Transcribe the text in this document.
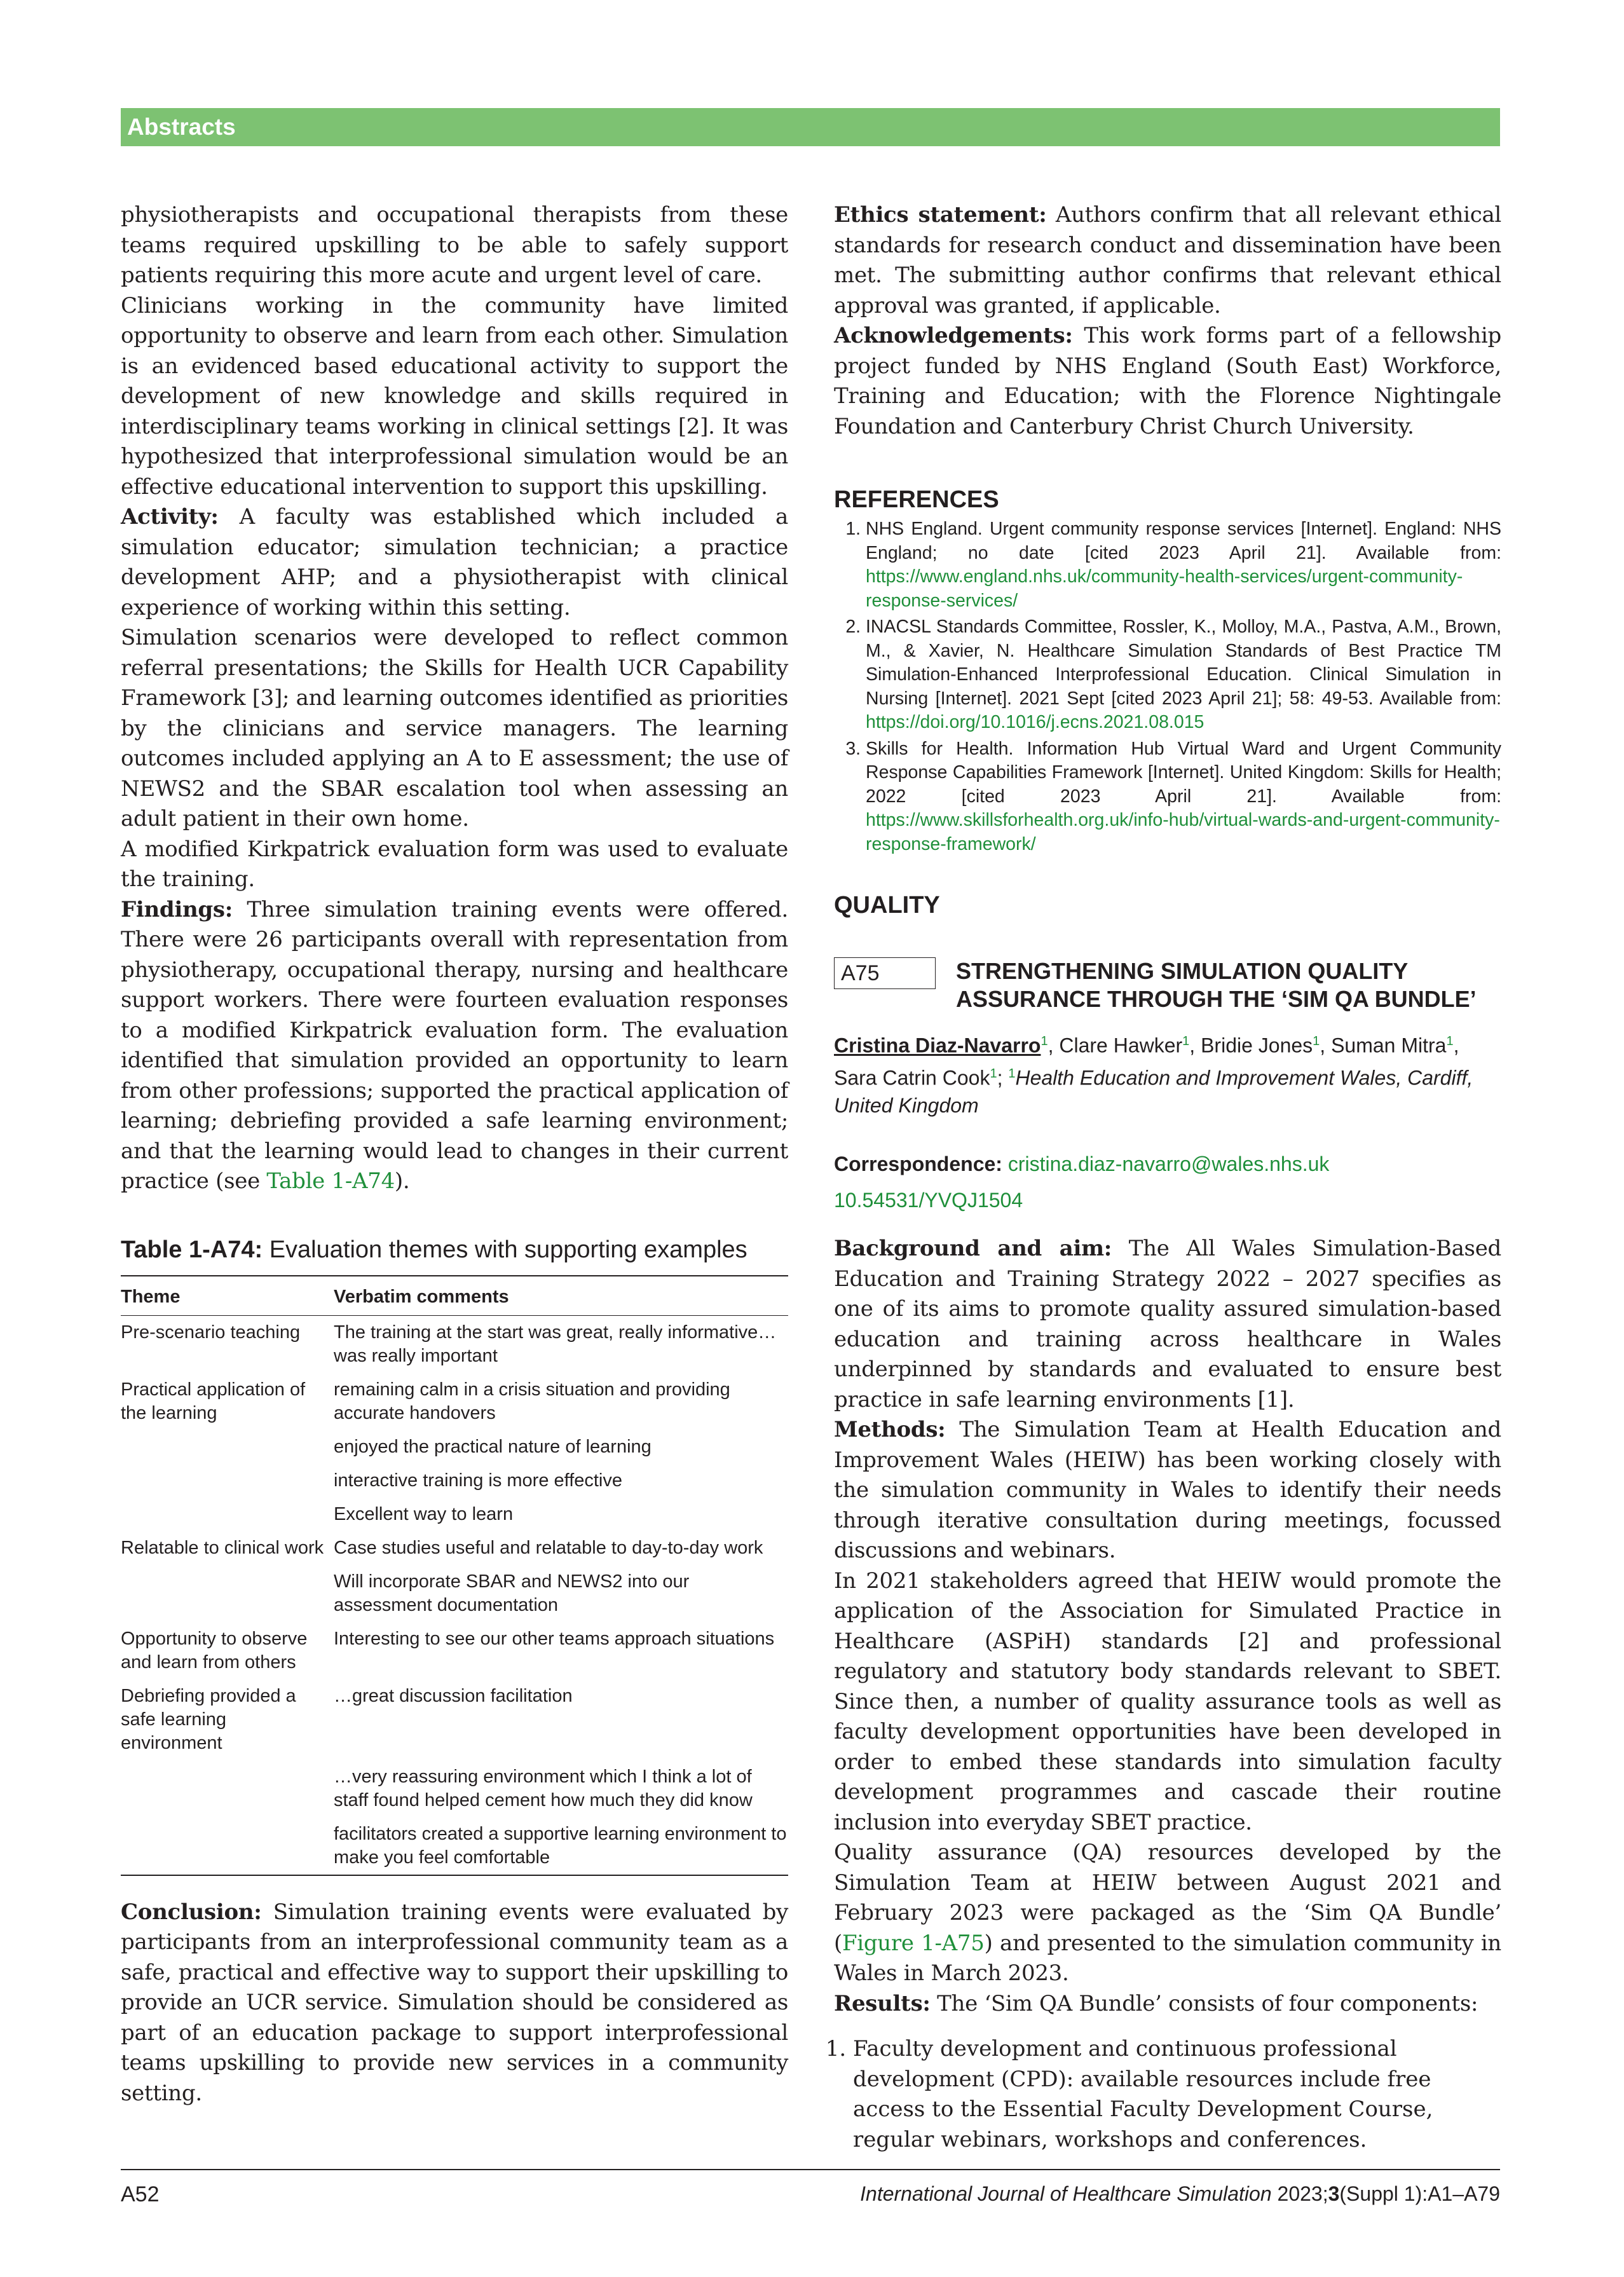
Abstracts

physiotherapists and occupational therapists from these teams required upskilling to be able to safely support patients requiring this more acute and urgent level of care.

Clinicians working in the community have limited opportunity to observe and learn from each other. Simulation is an evidenced based educational activity to support the development of new knowledge and skills required in interdisciplinary teams working in clinical settings [2]. It was hypothesized that interprofessional simulation would be an effective educational intervention to support this upskilling.

Activity: A faculty was established which included a simulation educator; simulation technician; a practice development AHP; and a physiotherapist with clinical experience of working within this setting.

Simulation scenarios were developed to reflect common referral presentations; the Skills for Health UCR Capability Framework [3]; and learning outcomes identified as priorities by the clinicians and service managers. The learning outcomes included applying an A to E assessment; the use of NEWS2 and the SBAR escalation tool when assessing an adult patient in their own home.

A modified Kirkpatrick evaluation form was used to evaluate the training.

Findings: Three simulation training events were offered. There were 26 participants overall with representation from physiotherapy, occupational therapy, nursing and healthcare support workers. There were fourteen evaluation responses to a modified Kirkpatrick evaluation form. The evaluation identified that simulation provided an opportunity to learn from other professions; supported the practical application of learning; debriefing provided a safe learning environment; and that the learning would lead to changes in their current practice (see Table 1-A74).

Table 1-A74: Evaluation themes with supporting examples
Theme	Verbatim comments
Pre-scenario teaching	The training at the start was great, really informative…was really important
Practical application of the learning	remaining calm in a crisis situation and providing accurate handovers
	enjoyed the practical nature of learning
	interactive training is more effective
	Excellent way to learn
Relatable to clinical work	Case studies useful and relatable to day-to-day work
	Will incorporate SBAR and NEWS2 into our assessment documentation
Opportunity to observe and learn from others	Interesting to see our other teams approach situations
Debriefing provided a safe learning environment	…great discussion facilitation
	…very reassuring environment which I think a lot of staff found helped cement how much they did know
	facilitators created a supportive learning environment to make you feel comfortable

Conclusion: Simulation training events were evaluated by participants from an interprofessional community team as a safe, practical and effective way to support their upskilling to provide an UCR service. Simulation should be considered as part of an education package to support interprofessional teams upskilling to provide new services in a community setting.

Ethics statement: Authors confirm that all relevant ethical standards for research conduct and dissemination have been met. The submitting author confirms that relevant ethical approval was granted, if applicable.

Acknowledgements: This work forms part of a fellowship project funded by NHS England (South East) Workforce, Training and Education; with the Florence Nightingale Foundation and Canterbury Christ Church University.

REFERENCES
1. NHS England. Urgent community response services [Internet]. England: NHS England; no date [cited 2023 April 21]. Available from: https://www.england.nhs.uk/community-health-services/urgent-community-response-services/
2. INACSL Standards Committee, Rossler, K., Molloy, M.A., Pastva, A.M., Brown, M., & Xavier, N. Healthcare Simulation Standards of Best Practice TM Simulation-Enhanced Interprofessional Education. Clinical Simulation in Nursing [Internet]. 2021 Sept [cited 2023 April 21]; 58: 49-53. Available from: https://doi.org/10.1016/j.ecns.2021.08.015
3. Skills for Health. Information Hub Virtual Ward and Urgent Community Response Capabilities Framework [Internet]. United Kingdom: Skills for Health; 2022 [cited 2023 April 21]. Available from: https://www.skillsforhealth.org.uk/info-hub/virtual-wards-and-urgent-community-response-framework/
QUALITY
A75	STRENGTHENING SIMULATION QUALITY ASSURANCE THROUGH THE ‘SIM QA BUNDLE’
Cristina Diaz-Navarro$^1$, Clare Hawker$^1$, Bridie Jones$^1$, Suman Mitra$^1$, Sara Catrin Cook$^1$; $^1$Health Education and Improvement Wales, Cardiff, United Kingdom
Correspondence: cristina.diaz-navarro@wales.nhs.uk
10.54531/YVQJ1504

Background and aim: The All Wales Simulation-Based Education and Training Strategy 2022 – 2027 specifies as one of its aims to promote quality assured simulation-based education and training across healthcare in Wales underpinned by standards and evaluated to ensure best practice in safe learning environments [1].

Methods: The Simulation Team at Health Education and Improvement Wales (HEIW) has been working closely with the simulation community in Wales to identify their needs through iterative consultation during meetings, focussed discussions and webinars.

In 2021 stakeholders agreed that HEIW would promote the application of the Association for Simulated Practice in Healthcare (ASPiH) standards [2] and professional regulatory and statutory body standards relevant to SBET. Since then, a number of quality assurance tools as well as faculty development opportunities have been developed in order to embed these standards into simulation faculty development programmes and cascade their routine inclusion into everyday SBET practice.

Quality assurance (QA) resources developed by the Simulation Team at HEIW between August 2021 and February 2023 were packaged as the ‘Sim QA Bundle’ (Figure 1-A75) and presented to the simulation community in Wales in March 2023.

Results: The ‘Sim QA Bundle’ consists of four components:

1. Faculty development and continuous professional development (CPD): available resources include free access to the Essential Faculty Development Course, regular webinars, workshops and conferences.
A52	International Journal of Healthcare Simulation 2023;3(Suppl 1):A1–A79
